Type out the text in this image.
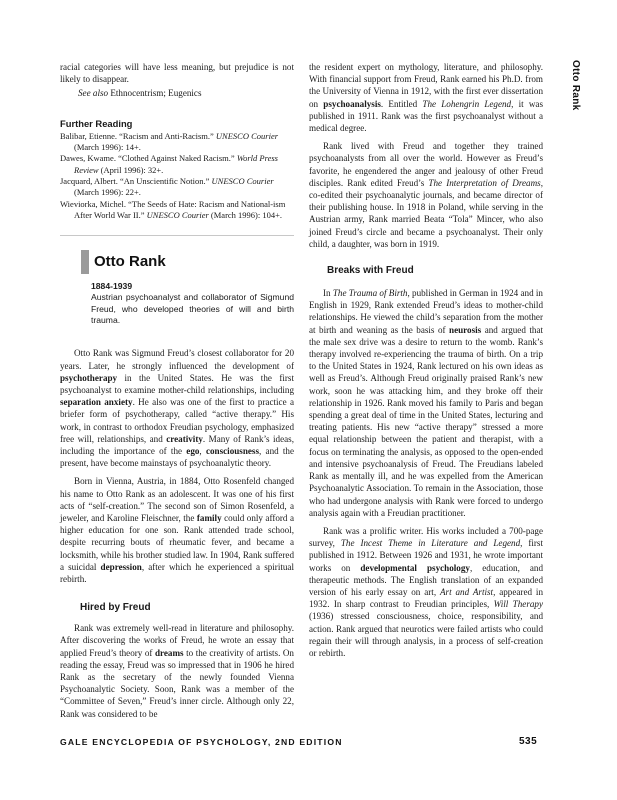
Otto Rank

racial categories will have less meaning, but prejudice is not likely to disappear.

See also Ethnocentrism; Eugenics

Further Reading

Balibar, Etienne. “Racism and Anti-Racism.” UNESCO Courier (March 1996): 14+.

Dawes, Kwame. “Clothed Against Naked Racism.” World Press Review (April 1996): 32+.

Jacquard, Albert. “An Unscientific Notion.” UNESCO Courier (March 1996): 22+.

Wieviorka, Michel. “The Seeds of Hate: Racism and National-ism After World War II.” UNESCO Courier (March 1996): 104+.

Otto Rank

1884-1939

Austrian psychoanalyst and collaborator of Sigmund Freud, who developed theories of will and birth trauma.

Otto Rank was Sigmund Freud’s closest collaborator for 20 years. Later, he strongly influenced the development of psychotherapy in the United States. He was the first psychoanalyst to examine mother-child relationships, including separation anxiety. He also was one of the first to practice a briefer form of psychotherapy, called “active therapy.” His work, in contrast to orthodox Freudian psychology, emphasized free will, relationships, and creativity. Many of Rank’s ideas, including the importance of the ego, consciousness, and the present, have become mainstays of psychoanalytic theory.

Born in Vienna, Austria, in 1884, Otto Rosenfeld changed his name to Otto Rank as an adolescent. It was one of his first acts of “self-creation.” The second son of Simon Rosenfeld, a jeweler, and Karoline Fleischner, the family could only afford a higher education for one son. Rank attended trade school, despite recurring bouts of rheumatic fever, and became a locksmith, while his brother studied law. In 1904, Rank suffered a suicidal depression, after which he experienced a spiritual rebirth.

Hired by Freud

Rank was extremely well-read in literature and philosophy. After discovering the works of Freud, he wrote an essay that applied Freud’s theory of dreams to the creativity of artists. On reading the essay, Freud was so impressed that in 1906 he hired Rank as the secretary of the newly founded Vienna Psychoanalytic Society. Soon, Rank was a member of the “Committee of Seven,” Freud’s inner circle. Although only 22, Rank was considered to be

the resident expert on mythology, literature, and philosophy. With financial support from Freud, Rank earned his Ph.D. from the University of Vienna in 1912, with the first ever dissertation on psychoanalysis. Entitled The Lohengrin Legend, it was published in 1911. Rank was the first psychoanalyst without a medical degree.

Rank lived with Freud and together they trained psychoanalysts from all over the world. However as Freud’s favorite, he engendered the anger and jealousy of other Freud disciples. Rank edited Freud’s The Interpretation of Dreams, co-edited their psychoanalytic journals, and became director of their publishing house. In 1918 in Poland, while serving in the Austrian army, Rank married Beata “Tola” Mincer, who also joined Freud’s circle and became a psychoanalyst. Their only child, a daughter, was born in 1919.

Breaks with Freud

In The Trauma of Birth, published in German in 1924 and in English in 1929, Rank extended Freud’s ideas to mother-child relationships. He viewed the child’s separation from the mother at birth and weaning as the basis of neurosis and argued that the male sex drive was a desire to return to the womb. Rank’s therapy involved re-experiencing the trauma of birth. On a trip to the United States in 1924, Rank lectured on his own ideas as well as Freud’s. Although Freud originally praised Rank’s new work, soon he was attacking him, and they broke off their relationship in 1926. Rank moved his family to Paris and began spending a great deal of time in the United States, lecturing and treating patients. His new “active therapy” stressed a more equal relationship between the patient and therapist, with a focus on terminating the analysis, as opposed to the open-ended and intensive psychoanalysis of Freud. The Freudians labeled Rank as mentally ill, and he was expelled from the American Psychoanalytic Association. To remain in the Association, those who had undergone analysis with Rank were forced to undergo analysis again with a Freudian practitioner.

Rank was a prolific writer. His works included a 700-page survey, The Incest Theme in Literature and Legend, first published in 1912. Between 1926 and 1931, he wrote important works on developmental psychology, education, and therapeutic methods. The English translation of an expanded version of his early essay on art, Art and Artist, appeared in 1932. In sharp contrast to Freudian principles, Will Therapy (1936) stressed consciousness, choice, responsibility, and action. Rank argued that neurotics were failed artists who could regain their will through analysis, in a process of self-creation or rebirth.

GALE ENCYCLOPEDIA OF PSYCHOLOGY, 2ND EDITION	535
